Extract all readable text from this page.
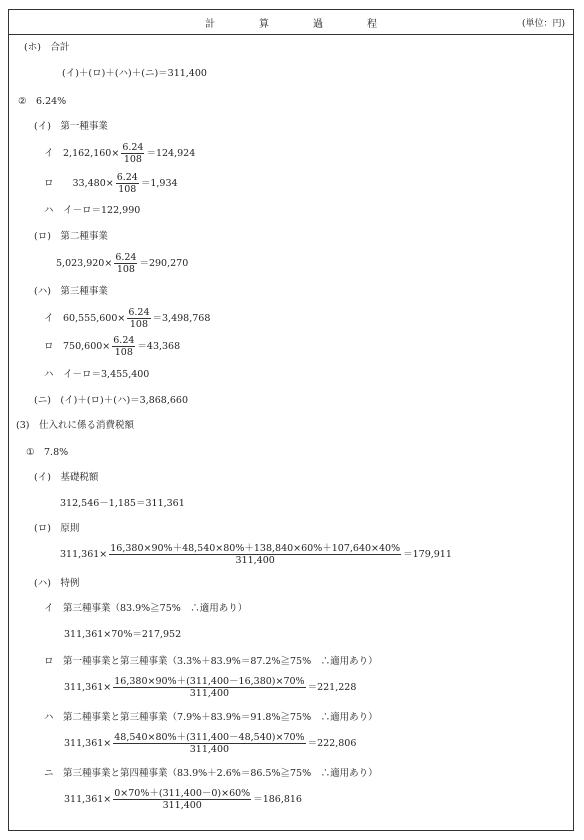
計	算	過	程	(単位：円)
(ホ)　合計
(イ)＋(ロ)＋(ハ)＋(ニ)＝311,400
②　6.24%
(イ)　第一種事業
イ　$2,162,160\times \frac{6.24}{108} =124,924$
ロ　　$33,480\times \frac{6.24}{108} =1,934$
ハ　イ－ロ＝122,990
(ロ)　第二種事業
$5,023,920\times \frac{6.24}{108} =290,270$
(ハ)　第三種事業
イ　$60,555,600\times \frac{6.24}{108} =3,498,768$
ロ　$750,600\times \frac{6.24}{108} =43,368$
ハ　イ－ロ＝3,455,400
(ニ)　(イ)＋(ロ)＋(ハ)＝3,868,660
(3)　仕入れに係る消費税額
①　7.8%
(イ)　基礎税額
312,546－1,185＝311,361
(ロ)　原則
$311,361\times \frac{16,380\times 90\%+48,540\times 80\%+138,840\times 60\%+107,640\times 40\%}{311,400} =179,911$
(ハ)　特例
イ　第三種事業（83.9%≧75%　∴適用あり）
311,361×70%＝217,952
ロ　第一種事業と第三種事業（3.3%＋83.9%＝87.2%≧75%　∴適用あり）
$311,361\times \frac{16,380\times 90\%+(311,400-16,380)\times 70\%}{311,400} =221,228$
ハ　第二種事業と第三種事業（7.9%＋83.9%＝91.8%≧75%　∴適用あり）
$311,361\times \frac{48,540\times 80\%+(311,400-48,540)\times 70\%}{311,400} =222,806$
ニ　第三種事業と第四種事業（83.9%＋2.6%＝86.5%≧75%　∴適用あり）
$311,361\times \frac{0\times 70\%+(311,400-0)\times 60\%}{311,400} =186,816$
